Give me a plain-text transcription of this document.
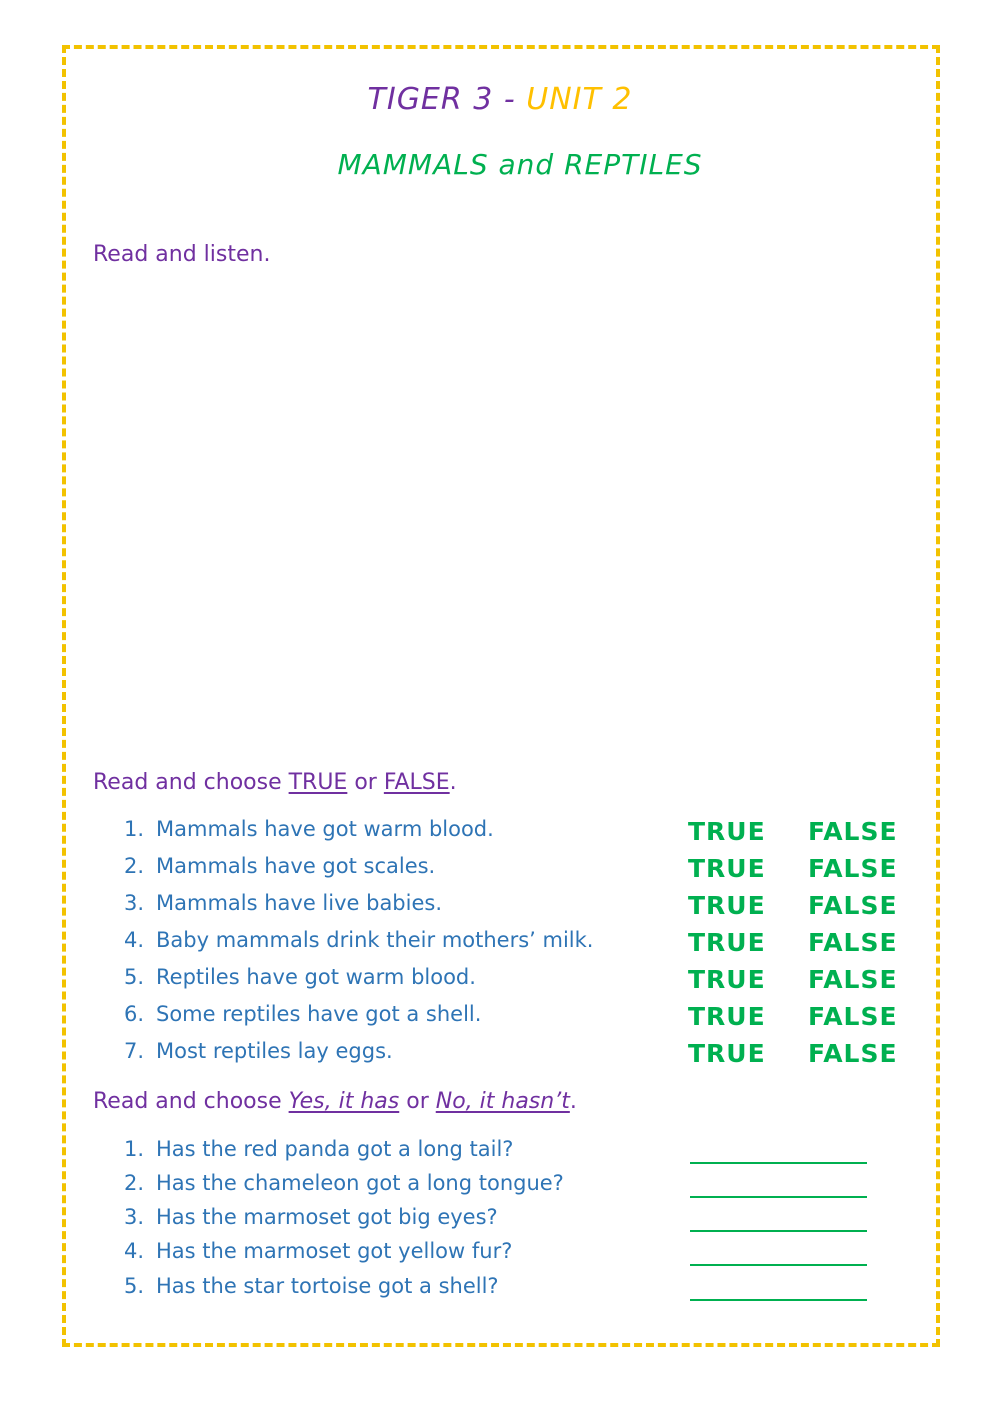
TIGER 3 - UNIT 2
MAMMALS and REPTILES
Read and listen.
Read and choose TRUE or FALSE.
1. Mammals have got warm blood.
2. Mammals have got scales.
3. Mammals have live babies.
4. Baby mammals drink their mothers’ milk.
5. Reptiles have got warm blood.
6. Some reptiles have got a shell.
7. Most reptiles lay eggs.
TRUE FALSE
TRUE FALSE
TRUE FALSE
TRUE FALSE
TRUE FALSE
TRUE FALSE
TRUE FALSE
Read and choose Yes, it has or No, it hasn’t.
1. Has the red panda got a long tail?
2. Has the chameleon got a long tongue?
3. Has the marmoset got big eyes?
4. Has the marmoset got yellow fur?
5. Has the star tortoise got a shell?
